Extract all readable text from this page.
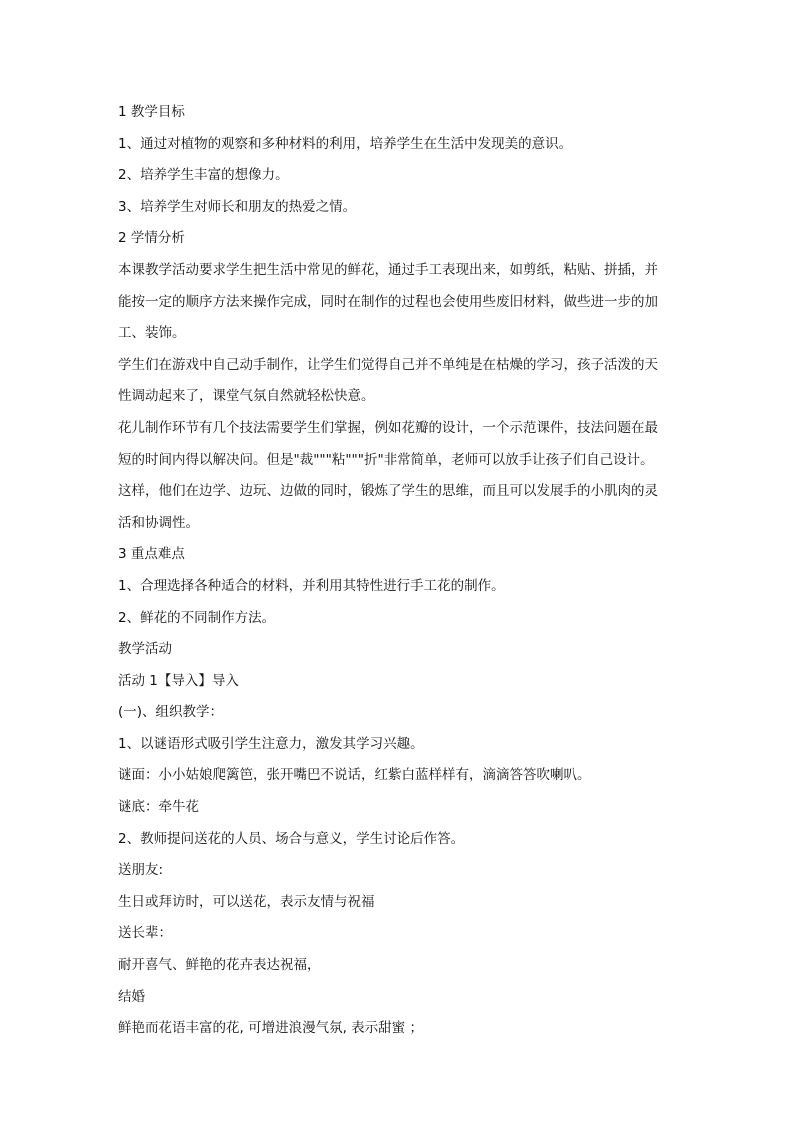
1 教学目标
1、通过对植物的观察和多种材料的利用，培养学生在生活中发现美的意识。
2、培养学生丰富的想像力。
3、培养学生对师长和朋友的热爱之情。
2 学情分析
本课教学活动要求学生把生活中常见的鲜花，通过手工表现出来，如剪纸，粘贴、拼插，并
能按一定的顺序方法来操作完成，同时在制作的过程也会使用些废旧材料，做些进一步的加
工、装饰。
学生们在游戏中自己动手制作，让学生们觉得自己并不单纯是在枯燥的学习，孩子活泼的天
性调动起来了，课堂气氛自然就轻松快意。
花儿制作环节有几个技法需要学生们掌握，例如花瓣的设计，一个示范课件，技法问题在最
短的时间内得以解决问。但是"裁"""粘"""折"非常简单，老师可以放手让孩子们自己设计。
这样，他们在边学、边玩、边做的同时，锻炼了学生的思维，而且可以发展手的小肌肉的灵
活和协调性。
3 重点难点
1、合理选择各种适合的材料，并利用其特性进行手工花的制作。
2、鲜花的不同制作方法。
教学活动
活动 1【导入】导入
(一)、组织教学：
1、以谜语形式吸引学生注意力，激发其学习兴趣。
谜面：小小姑娘爬篱笆，张开嘴巴不说话，红紫白蓝样样有，滴滴答答吹喇叭。
谜底：牵牛花
2、教师提问送花的人员、场合与意义，学生讨论后作答。
送朋友:
生日或拜访时，可以送花，表示友情与祝福
送长辈：
耐开喜气、鲜艳的花卉表达祝福，
结婚
鲜艳而花语丰富的花, 可增进浪漫气氛, 表示甜蜜 ；
